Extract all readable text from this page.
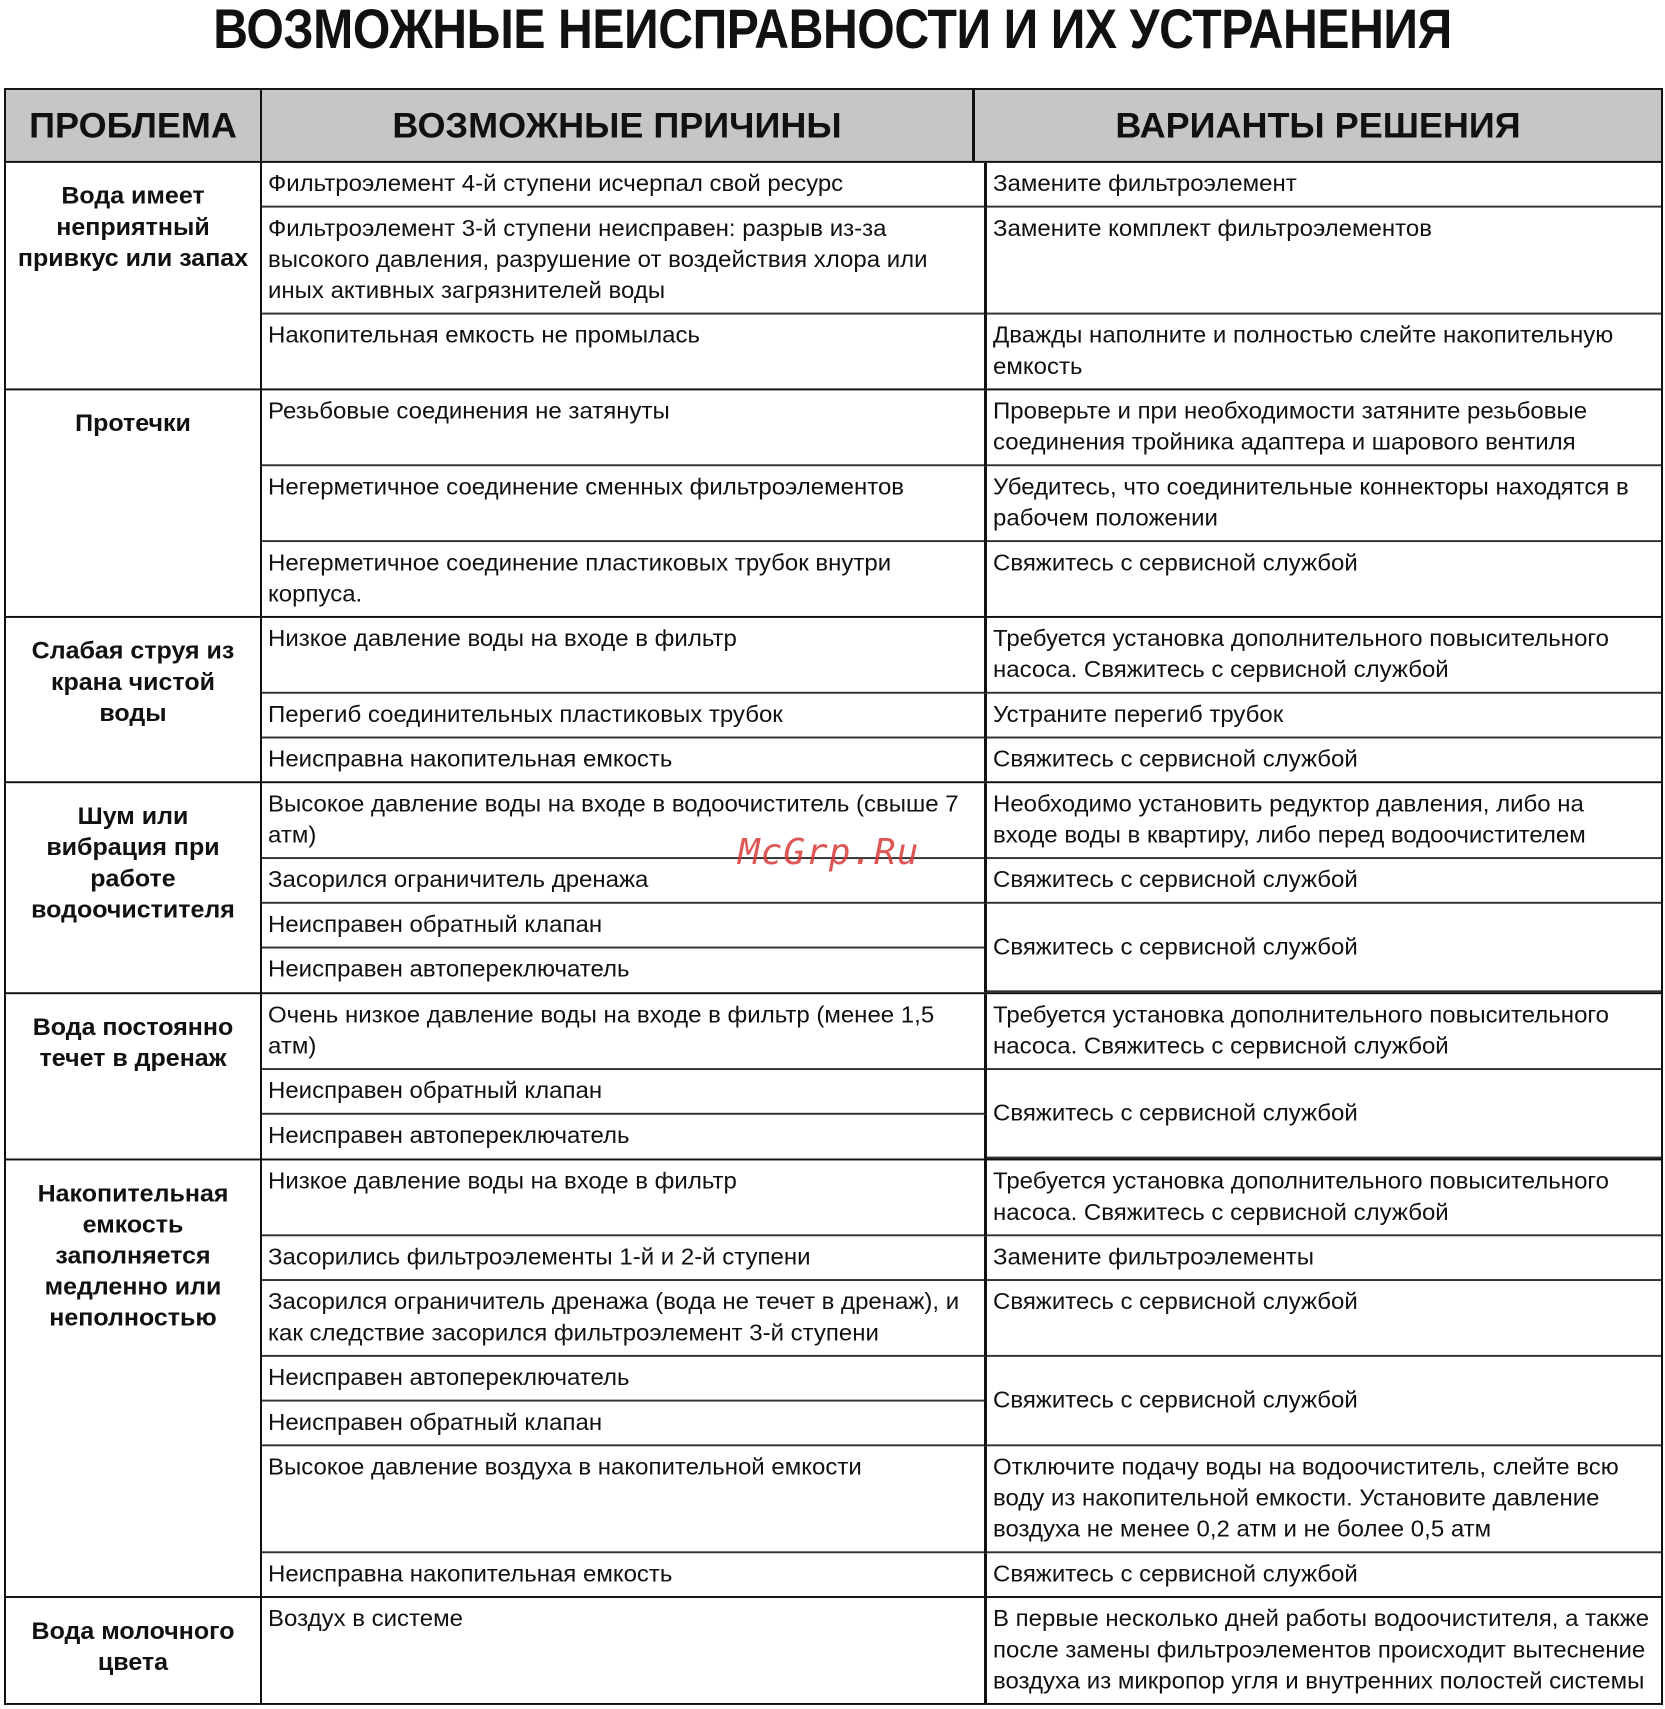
ВОЗМОЖНЫЕ НЕИСПРАВНОСТИ И ИХ УСТРАНЕНИЯ
ПРОБЛЕМА		ВОЗМОЖНЫЕ ПРИЧИНЫ	ВАРИАНТЫ РЕШЕНИЯ

Вода имеет неприятный привкус или запах	
Фильтроэлемент 4-й ступени исчерпал свой ресурс	Замените фильтроэлемент
Фильтроэлемент 3-й ступени неисправен: разрыв из-за высокого давления, разрушение от воздействия хлора или иных активных загрязнителей воды	Замените комплект фильтроэлементов
Накопительная емкость не промылась	Дважды наполните и полностью слейте накопительную емкость

Протечки		Резьбовые соединения не затянуты	Проверьте и при необходимости затяните резьбовые соединения тройника адаптера и шарового вентиля
Негерметичное соединение сменных фильтроэлементов	Убедитесь, что соединительные коннекторы находятся в рабочем положении
Негерметичное соединение пластиковых трубок внутри корпуса.	Свяжитесь с сервисной службой

Слабая струя из крана чистой воды	
Низкое давление воды на входе в фильтр	Требуется установка дополнительного повысительного насоса. Свяжитесь с сервисной службой
Перегиб соединительных пластиковых трубок	Устраните перегиб трубок
Неисправна накопительная емкость	Свяжитесь с сервисной службой

Шум или вибрация при работе водоочистителя	
Высокое давление воды на входе в водоочиститель (свыше 7 атм)	Необходимо установить редуктор давления, либо на входе воды в квартиру, либо перед водоочистителем
Засорился ограничитель дренажа	Свяжитесь с сервисной службой
Неисправен обратный клапан	Свяжитесь с сервисной службой
Неисправен автопереключатель

Вода постоянно течет в дренаж	
Очень низкое давление воды на входе в фильтр (менее 1,5 атм)	Требуется установка дополнительного повысительного насоса. Свяжитесь с сервисной службой
Неисправен обратный клапан	Свяжитесь с сервисной службой
Неисправен автопереключатель

Накопительная емкость заполняется медленно или неполностью	
Низкое давление воды на входе в фильтр	Требуется установка дополнительного повысительного насоса. Свяжитесь с сервисной службой
Засорились фильтроэлементы 1-й и 2-й ступени	Замените фильтроэлементы
Засорился ограничитель дренажа (вода не течет в дренаж), и как следствие засорился фильтроэлемент 3-й ступени	Свяжитесь с сервисной службой
Неисправен автопереключатель	Свяжитесь с сервисной службой
Неисправен обратный клапан
Высокое давление воздуха в накопительной емкости	Отключите подачу воды на водоочиститель, слейте всю воду из накопительной емкости. Установите давление воздуха не менее 0,2 атм и не более 0,5 атм
Неисправна накопительная емкость	Свяжитесь с сервисной службой

Вода молочного цвета	
Воздух в системе	В первые несколько дней работы водоочистителя, а также после замены фильтроэлементов происходит вытеснение воздуха из микропор угля и внутренних полостей системы
McGrp.Ru
